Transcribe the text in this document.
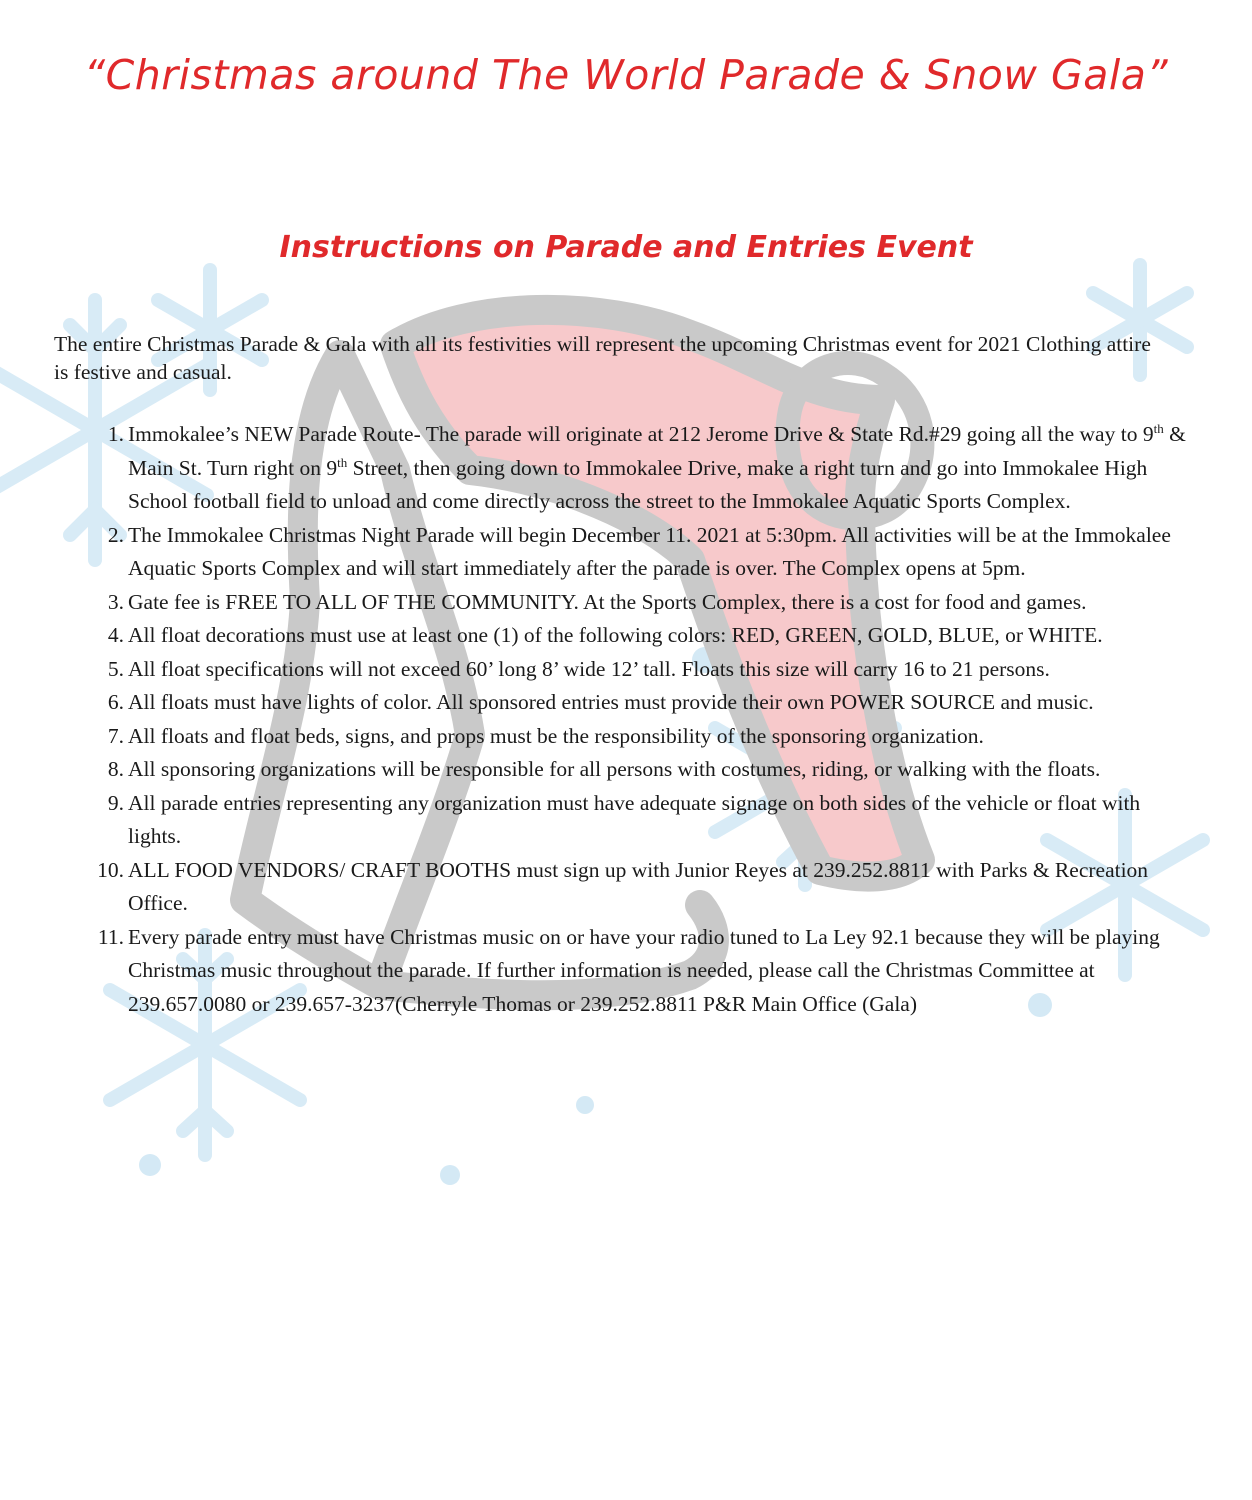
“Christmas around The World Parade & Snow Gala”
Instructions on Parade and Entries Event

The entire Christmas Parade & Gala with all its festivities will represent the upcoming Christmas event for 2021 Clothing attire is festive and casual.

1. Immokalee’s NEW Parade Route- The parade will originate at 212 Jerome Drive & State Rd.#29 going all the way to 9th & Main St. Turn right on 9th Street, then going down to Immokalee Drive, make a right turn and go into Immokalee High School football field to unload and come directly across the street to the Immokalee Aquatic Sports Complex.
2. The Immokalee Christmas Night Parade will begin December 11. 2021 at 5:30pm. All activities will be at the Immokalee Aquatic Sports Complex and will start immediately after the parade is over. The Complex opens at 5pm.
3. Gate fee is FREE TO ALL OF THE COMMUNITY. At the Sports Complex, there is a cost for food and games.
4. All float decorations must use at least one (1) of the following colors: RED, GREEN, GOLD, BLUE, or WHITE.
5. All float specifications will not exceed 60’ long 8’ wide 12’ tall. Floats this size will carry 16 to 21 persons.
6. All floats must have lights of color. All sponsored entries must provide their own POWER SOURCE and music.
7. All floats and float beds, signs, and props must be the responsibility of the sponsoring organization.
8. All sponsoring organizations will be responsible for all persons with costumes, riding, or walking with the floats.
9. All parade entries representing any organization must have adequate signage on both sides of the vehicle or float with lights.
10. ALL FOOD VENDORS/ CRAFT BOOTHS must sign up with Junior Reyes at 239.252.8811 with Parks & Recreation Office.
11. Every parade entry must have Christmas music on or have your radio tuned to La Ley 92.1 because they will be playing Christmas music throughout the parade. If further information is needed, please call the Christmas Committee at 239.657.0080 or 239.657-3237(Cherryle Thomas or 239.252.8811 P&R Main Office (Gala)
